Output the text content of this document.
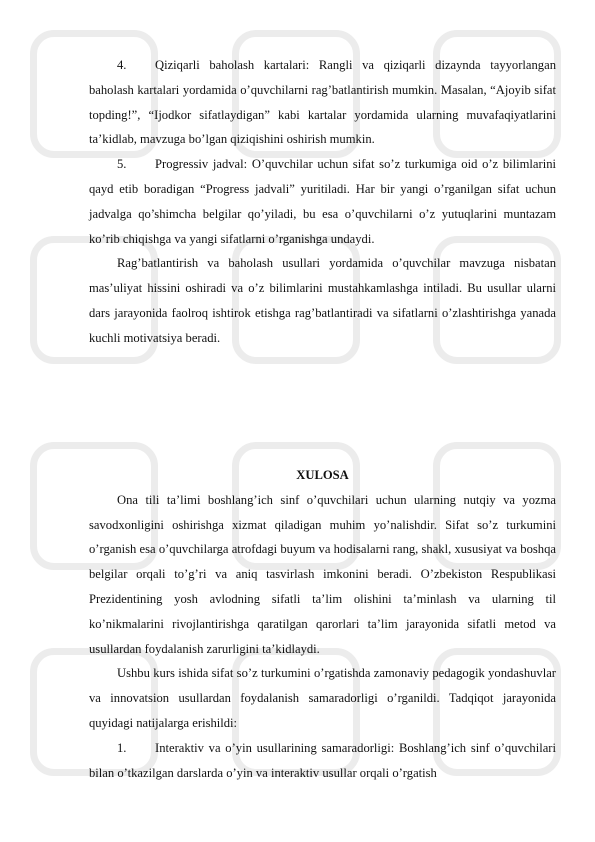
4. Qiziqarli baholash kartalari: Rangli va qiziqarli dizaynda tayyorlangan baholash kartalari yordamida o’quvchilarni rag’batlantirish mumkin. Masalan, “Ajoyib sifat topding!”, “Ijodkor sifatlaydigan” kabi kartalar yordamida ularning muvafaqiyatlarini ta’kidlab, mavzuga bo’lgan qiziqishini oshirish mumkin.

5. Progressiv jadval: O’quvchilar uchun sifat so’z turkumiga oid o’z bilimlarini qayd etib boradigan “Progress jadvali” yuritiladi. Har bir yangi o’rganilgan sifat uchun jadvalga qo’shimcha belgilar qo’yiladi, bu esa o’quvchilarni o’z yutuqlarini muntazam ko’rib chiqishga va yangi sifatlarni o’rganishga undaydi.

Rag’batlantirish va baholash usullari yordamida o’quvchilar mavzuga nisbatan mas’uliyat hissini oshiradi va o’z bilimlarini mustahkamlashga intiladi. Bu usullar ularni dars jarayonida faolroq ishtirok etishga rag’batlantiradi va sifatlarni o’zlashtirishga yanada kuchli motivatsiya beradi.

XULOSA

Ona tili ta’limi boshlang’ich sinf o’quvchilari uchun ularning nutqiy va yozma savodxonligini oshirishga xizmat qiladigan muhim yo’nalishdir. Sifat so’z turkumini o’rganish esa o’quvchilarga atrofdagi buyum va hodisalarni rang, shakl, xususiyat va boshqa belgilar orqali to’g’ri va aniq tasvirlash imkonini beradi. O’zbekiston Respublikasi Prezidentining yosh avlodning sifatli ta’lim olishini ta’minlash va ularning til ko’nikmalarini rivojlantirishga qaratilgan qarorlari ta’lim jarayonida sifatli metod va usullardan foydalanish zarurligini ta’kidlaydi.

Ushbu kurs ishida sifat so’z turkumini o’rgatishda zamonaviy pedagogik yondashuvlar va innovatsion usullardan foydalanish samaradorligi o’rganildi. Tadqiqot jarayonida quyidagi natijalarga erishildi:

1. Interaktiv va o’yin usullarining samaradorligi: Boshlang’ich sinf o’quvchilari bilan o’tkazilgan darslarda o’yin va interaktiv usullar orqali o’rgatish
